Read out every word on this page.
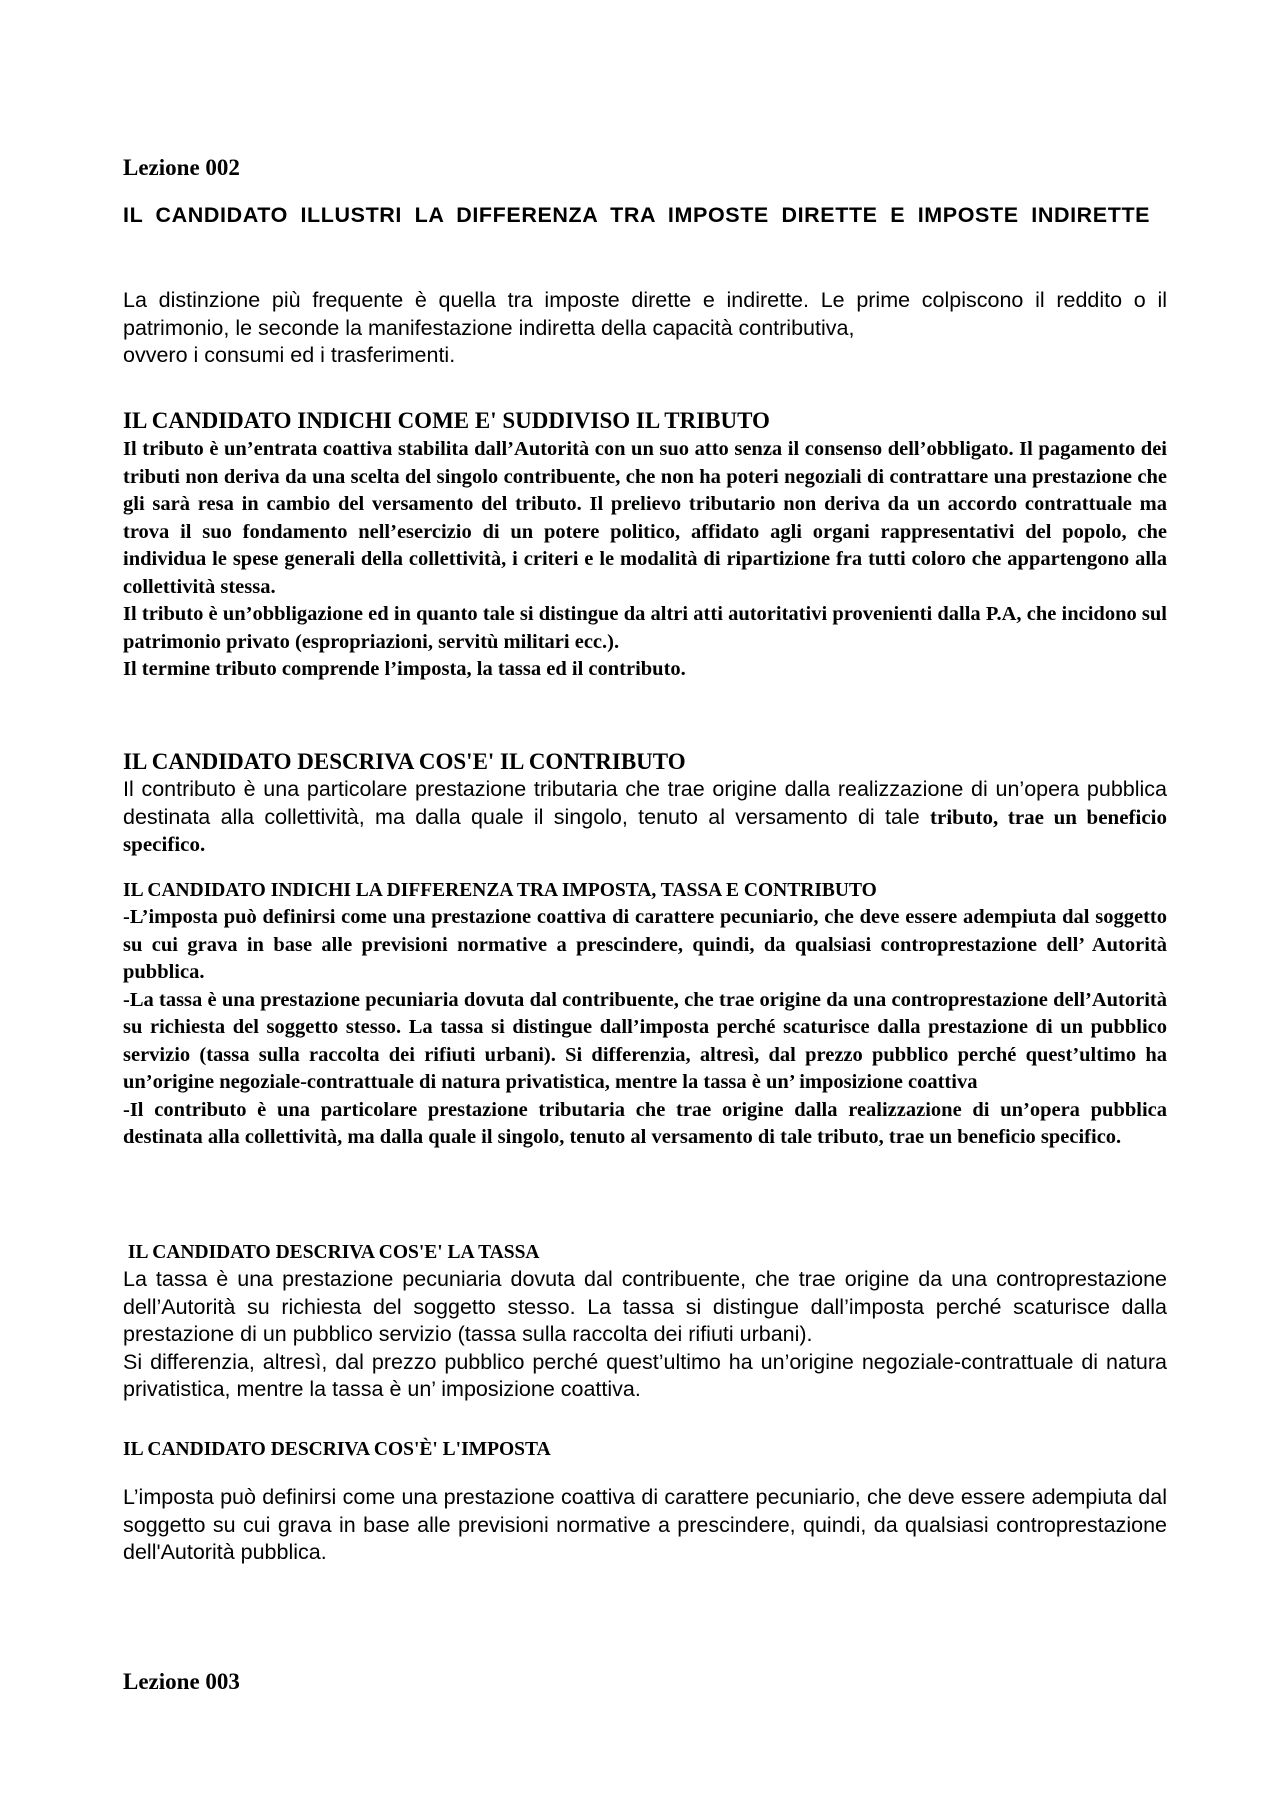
Lezione 002
IL CANDIDATO ILLUSTRI LA DIFFERENZA TRA IMPOSTE DIRETTE E IMPOSTE INDIRETTE
La distinzione più frequente è quella tra imposte dirette e indirette. Le prime colpiscono il reddito o il patrimonio, le seconde la manifestazione indiretta della capacità contributiva,
ovvero i consumi ed i trasferimenti.
IL CANDIDATO INDICHI COME E' SUDDIVISO IL TRIBUTO
Il tributo è un’entrata coattiva stabilita dall’Autorità con un suo atto senza il consenso dell’obbligato. Il pagamento dei tributi non deriva da una scelta del singolo contribuente, che non ha poteri negoziali di contrattare una prestazione che gli sarà resa in cambio del versamento del tributo. Il prelievo tributario non deriva da un accordo contrattuale ma trova il suo fondamento nell’esercizio di un potere politico, affidato agli organi rappresentativi del popolo, che individua le spese generali della collettività, i criteri e le modalità di ripartizione fra tutti coloro che appartengono alla collettività stessa.
Il tributo è un’obbligazione ed in quanto tale si distingue da altri atti autoritativi provenienti dalla P.A, che incidono sul patrimonio privato (espropriazioni, servitù militari ecc.).
Il termine tributo comprende l’imposta, la tassa ed il contributo.
IL CANDIDATO DESCRIVA COS'E' IL CONTRIBUTO
Il contributo è una particolare prestazione tributaria che trae origine dalla realizzazione di un’opera pubblica destinata alla collettività, ma dalla quale il singolo, tenuto al versamento di tale tributo, trae un beneficio specifico.
IL CANDIDATO INDICHI LA DIFFERENZA TRA IMPOSTA, TASSA E CONTRIBUTO
-L’imposta può definirsi come una prestazione coattiva di carattere pecuniario, che deve essere adempiuta dal soggetto su cui grava in base alle previsioni normative a prescindere, quindi, da qualsiasi controprestazione dell’ Autorità pubblica.
-La tassa è una prestazione pecuniaria dovuta dal contribuente, che trae origine da una controprestazione dell’Autorità su richiesta del soggetto stesso. La tassa si distingue dall’imposta perché scaturisce dalla prestazione di un pubblico servizio (tassa sulla raccolta dei rifiuti urbani). Si differenzia, altresì, dal prezzo pubblico perché quest’ultimo ha un’origine negoziale-contrattuale di natura privatistica, mentre la tassa è un’ imposizione coattiva
-Il contributo è una particolare prestazione tributaria che trae origine dalla realizzazione di un’opera pubblica destinata alla collettività, ma dalla quale il singolo, tenuto al versamento di tale tributo, trae un beneficio specifico.
IL CANDIDATO DESCRIVA COS'E' LA TASSA
La tassa è una prestazione pecuniaria dovuta dal contribuente, che trae origine da una controprestazione dell’Autorità su richiesta del soggetto stesso. La tassa si distingue dall’imposta perché scaturisce dalla prestazione di un pubblico servizio (tassa sulla raccolta dei rifiuti urbani).
Si differenzia, altresì, dal prezzo pubblico perché quest’ultimo ha un’origine negoziale-contrattuale di natura privatistica, mentre la tassa è un’ imposizione coattiva.
IL CANDIDATO DESCRIVA COS'È' L'IMPOSTA
L’imposta può definirsi come una prestazione coattiva di carattere pecuniario, che deve essere adempiuta dal soggetto su cui grava in base alle previsioni normative a prescindere, quindi, da qualsiasi controprestazione dell'Autorità pubblica.
Lezione 003
